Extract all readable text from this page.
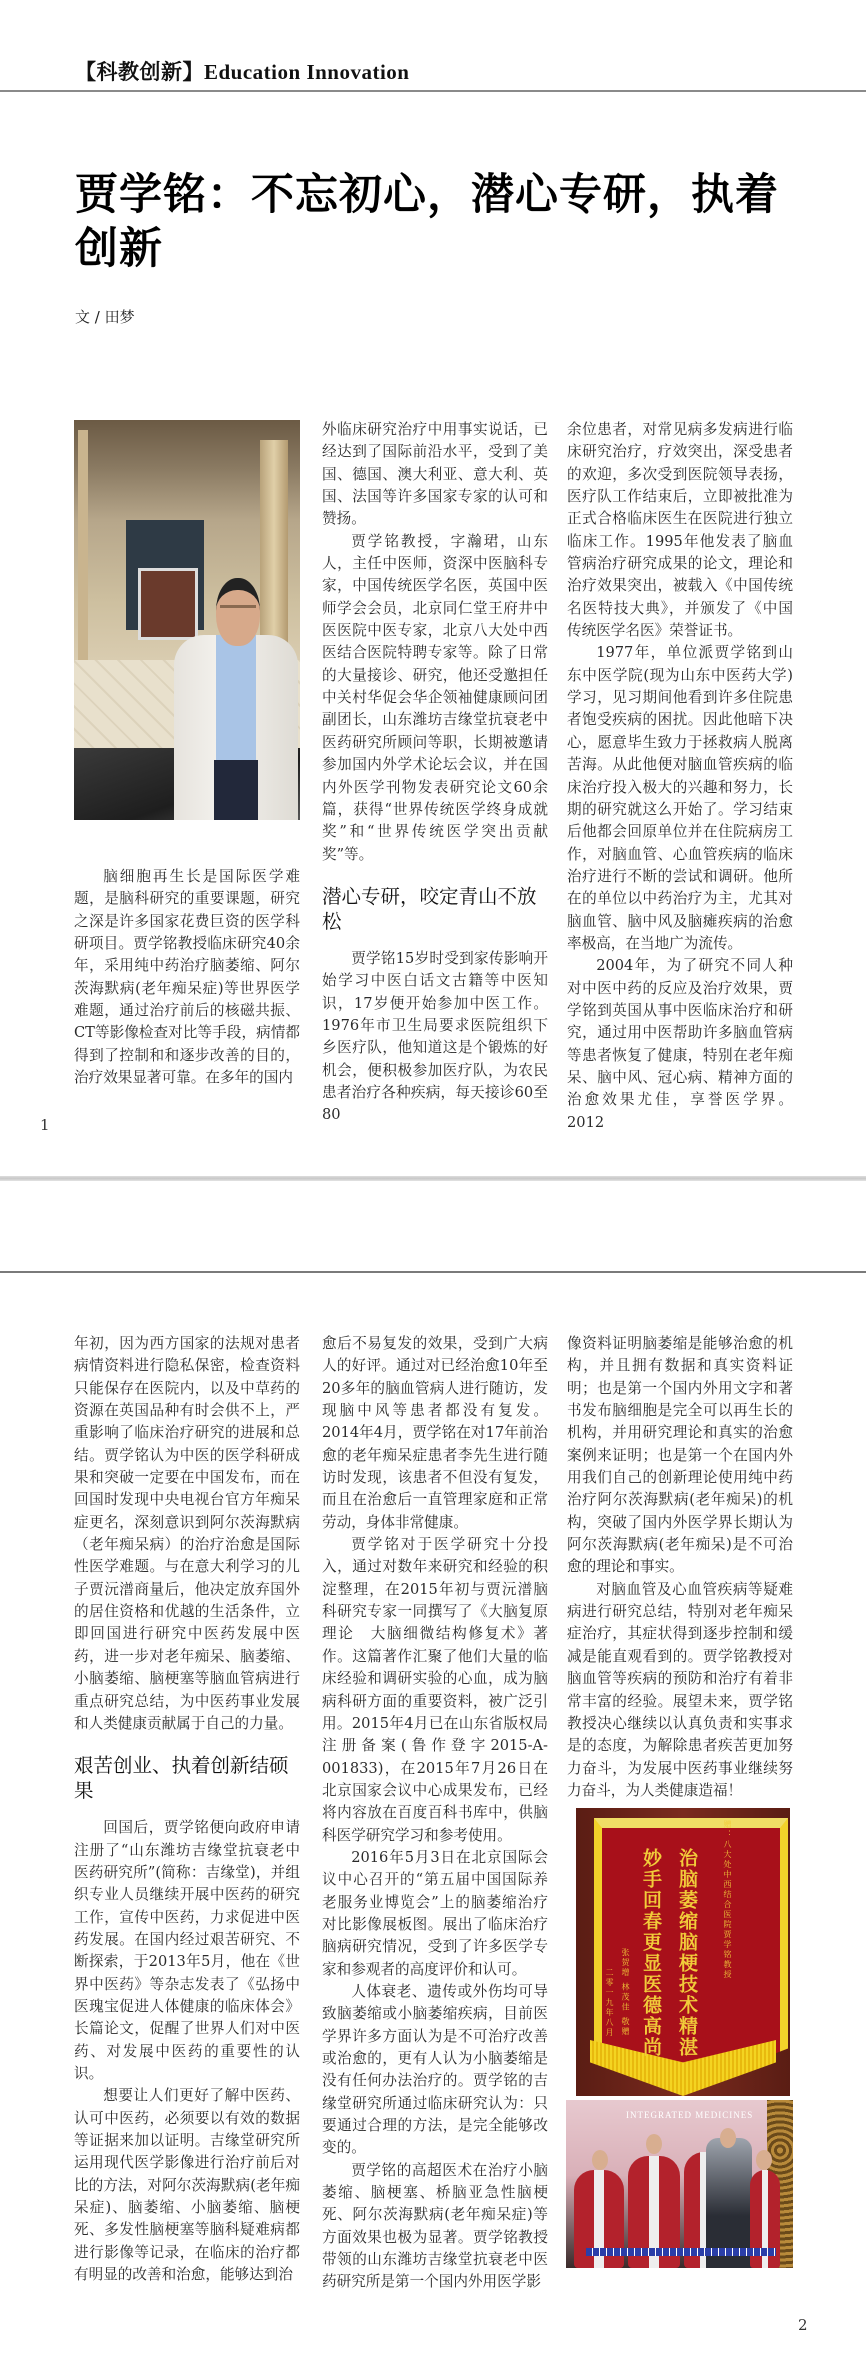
【科教创新】Education Innovation
贾学铭：不忘初心，潜心专研，执着创新
文 / 田梦

脑细胞再生长是国际医学难题，是脑科研究的重要课题，研究之深是许多国家花费巨资的医学科研项目。贾学铭教授临床研究40余年，采用纯中药治疗脑萎缩、阿尔茨海默病(老年痴呆症)等世界医学难题，通过治疗前后的核磁共振、CT等影像检查对比等手段，病情都得到了控制和和逐步改善的目的，治疗效果显著可靠。在多年的国内

外临床研究治疗中用事实说话，已经达到了国际前沿水平，受到了美国、德国、澳大利亚、意大利、英国、法国等许多国家专家的认可和赞扬。

贾学铭教授，字瀚珺，山东人，主任中医师，资深中医脑科专家，中国传统医学名医，英国中医师学会会员，北京同仁堂王府井中医医院中医专家，北京八大处中西医结合医院特聘专家等。除了日常的大量接诊、研究，他还受邀担任中关村华促会华企领袖健康顾问团副团长，山东潍坊吉缘堂抗衰老中医药研究所顾问等职，长期被邀请参加国内外学术论坛会议，并在国内外医学刊物发表研究论文60余篇，获得“世界传统医学终身成就奖”和“世界传统医学突出贡献奖”等。

潜心专研，咬定青山不放松

贾学铭15岁时受到家传影响开始学习中医白话文古籍等中医知识，17岁便开始参加中医工作。1976年市卫生局要求医院组织下乡医疗队，他知道这是个锻炼的好机会，便积极参加医疗队，为农民患者治疗各种疾病，每天接诊60至80

余位患者，对常见病多发病进行临床研究治疗，疗效突出，深受患者的欢迎，多次受到医院领导表扬，医疗队工作结束后，立即被批准为正式合格临床医生在医院进行独立临床工作。1995年他发表了脑血管病治疗研究成果的论文，理论和治疗效果突出，被载入《中国传统名医特技大典》，并颁发了《中国传统医学名医》荣誉证书。

1977年，单位派贾学铭到山东中医学院(现为山东中医药大学)学习，见习期间他看到许多住院患者饱受疾病的困扰。因此他暗下决心，愿意毕生致力于拯救病人脱离苦海。从此他便对脑血管疾病的临床治疗投入极大的兴趣和努力，长期的研究就这么开始了。学习结束后他都会回原单位并在住院病房工作，对脑血管、心血管疾病的临床治疗进行不断的尝试和调研。他所在的单位以中药治疗为主，尤其对脑血管、脑中风及脑瘫疾病的治愈率极高，在当地广为流传。

2004年，为了研究不同人种对中医中药的反应及治疗效果，贾学铭到英国从事中医临床治疗和研究，通过用中医帮助许多脑血管病等患者恢复了健康，特别在老年痴呆、脑中风、冠心病、精神方面的治愈效果尤佳，享誉医学界。2012

1

年初，因为西方国家的法规对患者病情资料进行隐私保密，检查资料只能保存在医院内，以及中草药的资源在英国品种有时会供不上，严重影响了临床治疗研究的进展和总结。贾学铭认为中医的医学科研成果和突破一定要在中国发布，而在回国时发现中央电视台官方年痴呆症更名，深刻意识到阿尔茨海默病（老年痴呆病）的治疗治愈是国际性医学难题。与在意大利学习的儿子贾沅潽商量后，他决定放弃国外的居住资格和优越的生活条件，立即回国进行研究中医药发展中医药，进一步对老年痴呆、脑萎缩、小脑萎缩、脑梗塞等脑血管病进行重点研究总结，为中医药事业发展和人类健康贡献属于自己的力量。

艰苦创业、执着创新结硕果

回国后，贾学铭便向政府申请注册了“山东潍坊吉缘堂抗衰老中医药研究所”(简称：吉缘堂)，并组织专业人员继续开展中医药的研究工作，宣传中医药，力求促进中医药发展。在国内经过艰苦研究、不断探索，于2013年5月，他在《世界中医药》等杂志发表了《弘扬中医瑰宝促进人体健康的临床体会》长篇论文，促醒了世界人们对中医药、对发展中医药的重要性的认识。

想要让人们更好了解中医药、认可中医药，必须要以有效的数据等证据来加以证明。吉缘堂研究所运用现代医学影像进行治疗前后对比的方法，对阿尔茨海默病(老年痴呆症)、脑萎缩、小脑萎缩、脑梗死、多发性脑梗塞等脑科疑难病都进行影像等记录，在临床的治疗都有明显的改善和治愈，能够达到治

愈后不易复发的效果，受到广大病人的好评。通过对已经治愈10年至20多年的脑血管病人进行随访，发现脑中风等患者都没有复发。2014年4月，贾学铭在对17年前治愈的老年痴呆症患者李先生进行随访时发现，该患者不但没有复发，而且在治愈后一直管理家庭和正常劳动，身体非常健康。

贾学铭对于医学研究十分投入，通过对数年来研究和经验的积淀整理，在2015年初与贾沅潽脑科研究专家一同撰写了《大脑复原理论　大脑细微结构修复术》著作。这篇著作汇聚了他们大量的临床经验和调研实验的心血，成为脑病科研方面的重要资料，被广泛引用。2015年4月已在山东省版权局注册备案(鲁作登字2015-A-001833)，在2015年7月26日在北京国家会议中心成果发布，已经将内容放在百度百科书库中，供脑科医学研究学习和参考使用。

2016年5月3日在北京国际会议中心召开的“第五届中国国际养老服务业博览会”上的脑萎缩治疗对比影像展板图。展出了临床治疗脑病研究情况，受到了许多医学专家和参观者的高度评价和认可。

人体衰老、遗传或外伤均可导致脑萎缩或小脑萎缩疾病，目前医学界许多方面认为是不可治疗改善或治愈的，更有人认为小脑萎缩是没有任何办法治疗的。贾学铭的吉缘堂研究所通过临床研究认为：只要通过合理的方法，是完全能够改变的。

贾学铭的高超医术在治疗小脑萎缩、脑梗塞、桥脑亚急性脑梗死、阿尔茨海默病(老年痴呆症)等方面效果也极为显著。贾学铭教授带领的山东潍坊吉缘堂抗衰老中医药研究所是第一个国内外用医学影

像资料证明脑萎缩是能够治愈的机构，并且拥有数据和真实资料证明；也是第一个国内外用文字和著书发布脑细胞是完全可以再生长的机构，并用研究理论和真实的治愈案例来证明；也是第一个在国内外用我们自己的创新理论使用纯中药治疗阿尔茨海默病(老年痴呆)的机构，突破了国内外医学界长期认为阿尔茨海默病(老年痴呆)是不可治愈的理论和事实。

对脑血管及心血管疾病等疑难病进行研究总结，特别对老年痴呆症治疗，其症状得到逐步控制和缓减是能直观看到的。贾学铭教授对脑血管等疾病的预防和治疗有着非常丰富的经验。展望未来，贾学铭教授决心继续以认真负责和实事求是的态度，为解除患者疾苦更加努力奋斗，为发展中医药事业继续努力奋斗，为人类健康造福！

赠：八大处中西结合医院贾学铭教授
治脑萎缩脑梗技术精湛
妙手回春更显医德高尚
张贺增 林茂佳 敬赠
二零一九年八月
INTEGRATED MEDICINES
2
